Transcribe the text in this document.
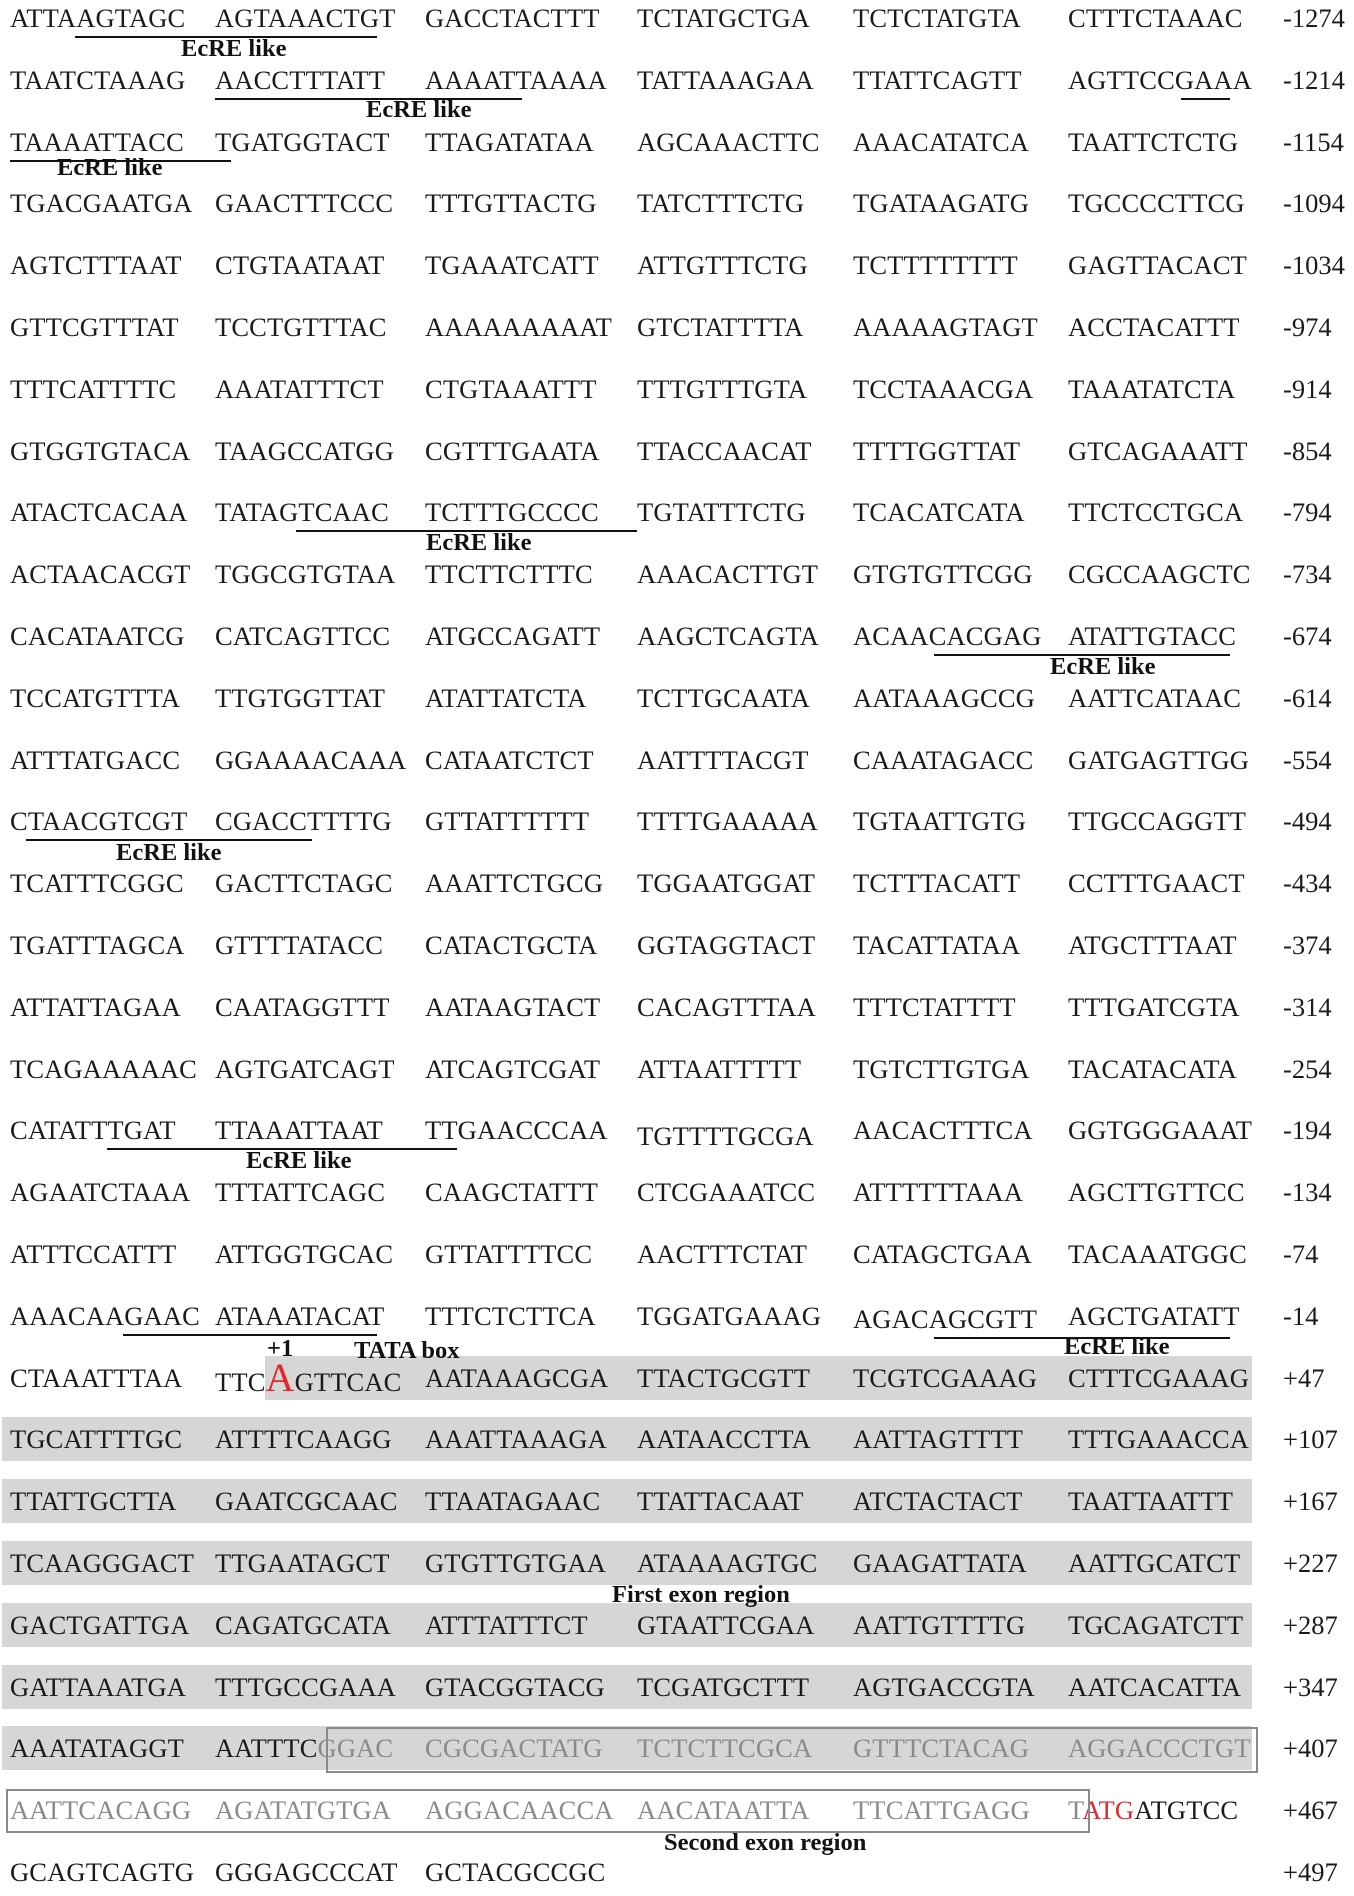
ATTAAGTAGC AGTAAACTGT GACCTACTTT TCTATGCTGA TCTCTATGTA CTTTCTAAAC -1274
TAATCTAAAG AACCTTTATT AAAATTAAAA TATTAAAGAA TTATTCAGTT AGTTCCGAAA -1214
TAAAATTACC TGATGGTACT TTAGATATAA AGCAAACTTC AAACATATCA TAATTCTCTG -1154
TGACGAATGA GAACTTTCCC TTTGTTACTG TATCTTTCTG TGATAAGATG TGCCCCTTCG -1094
AGTCTTTAAT CTGTAATAAT TGAAATCATT ATTGTTTCTG TCTTTTTTTT GAGTTACACT -1034
GTTCGTTTAT TCCTGTTTAC AAAAAAAAAT GTCTATTTTA AAAAAGTAGT ACCTACATTT -974
TTTCATTTTC AAATATTTCT CTGTAAATTT TTTGTTTGTA TCCTAAACGA TAAATATCTA -914
GTGGTGTACA TAAGCCATGG CGTTTGAATA TTACCAACAT TTTTGGTTAT GTCAGAAATT -854
ATACTCACAA TATAGTCAAC TCTTTGCCCC TGTATTTCTG TCACATCATA TTCTCCTGCA -794
ACTAACACGT TGGCGTGTAA TTCTTCTTTC AAACACTTGT GTGTGTTCGG CGCCAAGCTC -734
CACATAATCG CATCAGTTCC ATGCCAGATT AAGCTCAGTA ACAACACGAG ATATTGTACC -674
TCCATGTTTA TTGTGGTTAT ATATTATCTA TCTTGCAATA AATAAAGCCG AATTCATAAC -614
ATTTATGACC GGAAAACAAA CATAATCTCT AATTTTACGT CAAATAGACC GATGAGTTGG -554
CTAACGTCGT CGACCTTTTG GTTATTTTTT TTTTGAAAAA TGTAATTGTG TTGCCAGGTT -494
TCATTTCGGC GACTTCTAGC AAATTCTGCG TGGAATGGAT TCTTTACATT CCTTTGAACT -434
TGATTTAGCA GTTTTATACC CATACTGCTA GGTAGGTACT TACATTATAA ATGCTTTAAT -374
ATTATTAGAA CAATAGGTTT AATAAGTACT CACAGTTTAA TTTCTATTTT TTTGATCGTA -314
TCAGAAAAAC AGTGATCAGT ATCAGTCGAT ATTAATTTTT TGTCTTGTGA TACATACATA -254
CATATTTGAT TTAAATTAAT TTGAACCCAA TGTTTTGCGA AACACTTTCA GGTGGGAAAT -194
AGAATCTAAA TTTATTCAGC CAAGCTATTT CTCGAAATCC ATTTTTTAAA AGCTTGTTCC -134
ATTTCCATTT ATTGGTGCAC GTTATTTTCC AACTTTCTAT CATAGCTGAA TACAAATGGC -74
AAACAAGAAC ATAAATACAT TTTCTCTTCA TGGATGAAAG AGACAGCGTT AGCTGATATT -14
CTAAATTTAA TTCAGTTCAC AATAAAGCGA TTACTGCGTT TCGTCGAAAG CTTTCGAAAG +47
TGCATTTTGC ATTTTCAAGG AAATTAAAGA AATAACCTTA AATTAGTTTT TTTGAAACCA +107
TTATTGCTTA GAATCGCAAC TTAATAGAAC TTATTACAAT ATCTACTACT TAATTAATTT +167
TCAAGGGACT TTGAATAGCT GTGTTGTGAA ATAAAAGTGC GAAGATTATA AATTGCATCT +227
GACTGATTGA CAGATGCATA ATTTATTTCT GTAATTCGAA AATTGTTTTG TGCAGATCTT +287
GATTAAATGA TTTGCCGAAA GTACGGTACG TCGATGCTTT AGTGACCGTA AATCACATTA +347
AAATATAGGT AATTTCGGAC CGCGACTATG TCTCTTCGCA GTTTCTACAG AGGACCCTGT +407
AATTCACAGG AGATATGTGA AGGACAACCA AACATAATTA TTCATTGAGG TATGATGTCC +467
GCAGTCAGTG GGGAGCCCAT GCTACGCCGC	+497
EcRE like
EcRE like
EcRE like
EcRE like
EcRE like
EcRE like
EcRE like
+1 TATA box	EcRE like
First exon region
Second exon region
